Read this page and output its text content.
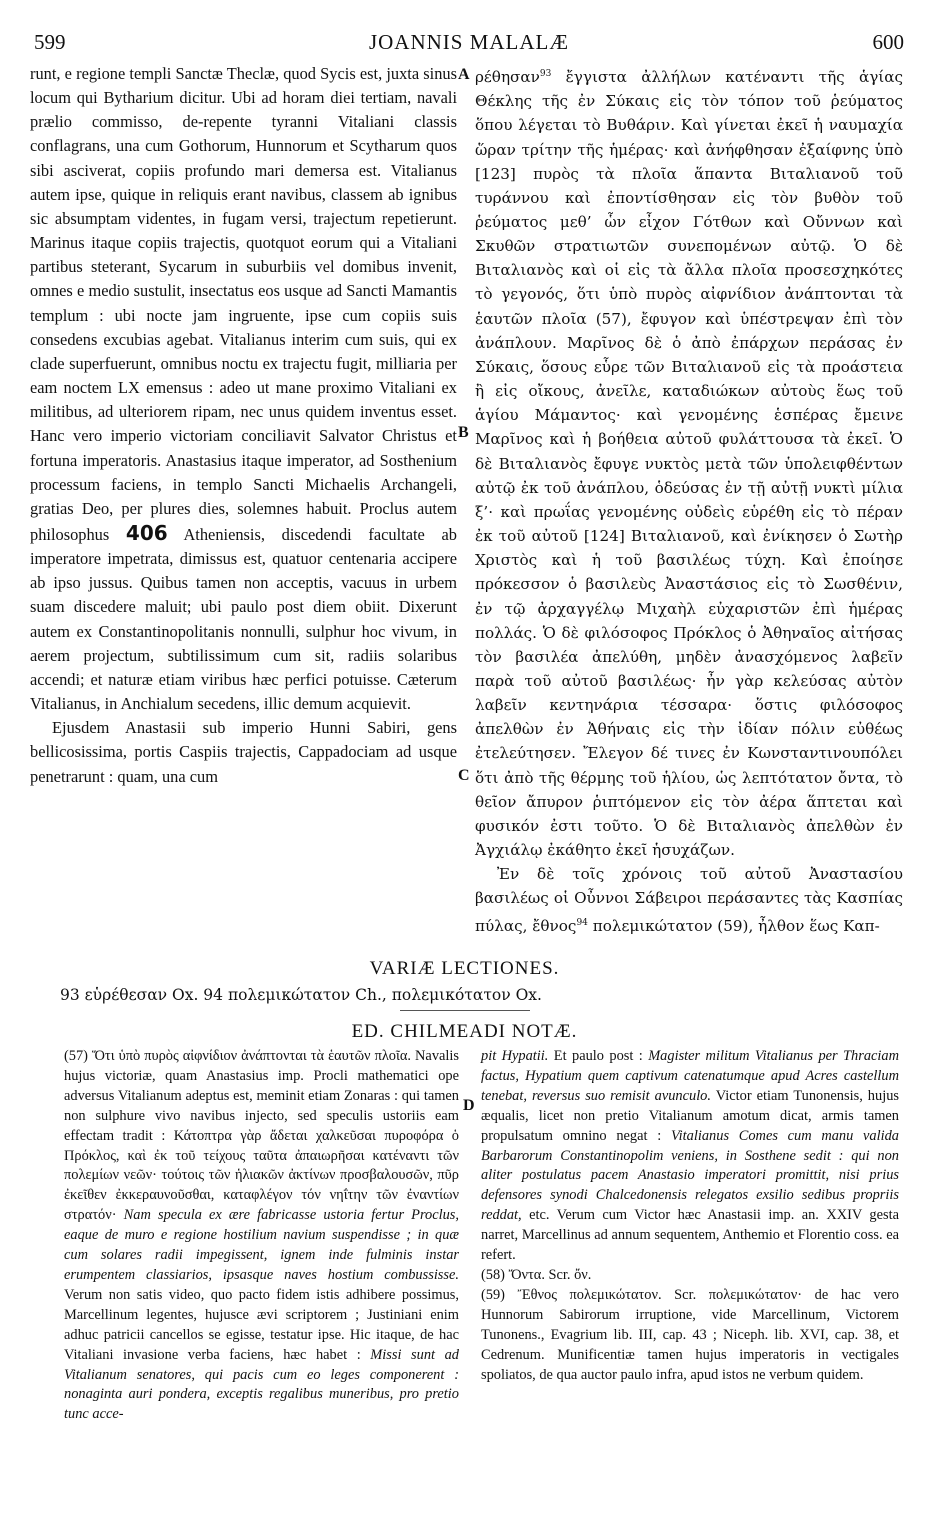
599	JOANNIS MALALÆ	600
A
B
C
D

runt, e regione templi Sanctæ Theclæ, quod Sycis est, juxta sinus locum qui Bytharium dicitur. Ubi ad horam diei tertiam, navali prælio commisso, de-repente tyranni Vitaliani classis conflagrans, una cum Gothorum, Hunnorum et Scytharum quos sibi asciverat, copiis profundo mari demersa est. Vitalianus autem ipse, quique in reliquis erant navibus, classem ab ignibus sic absumptam videntes, in fugam versi, trajectum repetierunt. Marinus itaque copiis trajectis, quotquot eorum qui a Vitaliani partibus steterant, Sycarum in suburbiis vel domibus invenit, omnes e medio sustulit, insectatus eos usque ad Sancti Mamantis templum : ubi nocte jam ingruente, ipse cum copiis suis consedens excubias agebat. Vitalianus interim cum suis, qui ex clade superfuerunt, omnibus noctu ex trajectu fugit, milliaria per eam noctem LX emensus : adeo ut mane proximo Vitaliani ex militibus, ad ulteriorem ripam, nec unus quidem inventus esset. Hanc vero imperio victoriam conciliavit Salvator Christus et fortuna imperatoris. Anastasius itaque imperator, ad Sosthenium processum faciens, in templo Sancti Michaelis Archangeli, gratias Deo, per plures dies, solemnes habuit. Proclus autem philosophus 406 Atheniensis, discedendi facultate ab imperatore impetrata, dimissus est, quatuor centenaria accipere ab ipso jussus. Quibus tamen non acceptis, vacuus in urbem suam discedere maluit; ubi paulo post diem obiit. Dixerunt autem ex Constantinopolitanis nonnulli, sulphur hoc vivum, in aerem projectum, subtilissimum cum sit, radiis solaribus accendi; et naturæ etiam viribus hæc perfici potuisse. Cæterum Vitalianus, in Anchialum secedens, illic demum acquievit.

Ejusdem Anastasii sub imperio Hunni Sabiri, gens bellicosissima, portis Caspiis trajectis, Cappadociam ad usque penetrarunt : quam, una cum

ρέθησαν$^{93}$ ἔγγιστα ἀλλήλων κατέναντι τῆς ἁγίας Θέκλης τῆς ἐν Σύκαις εἰς τὸν τόπον τοῦ ῥεύματος ὅπου λέγεται τὸ Βυθάριν. Καὶ γίνεται ἐκεῖ ἡ ναυμαχία ὥραν τρίτην τῆς ἡμέρας· καὶ ἀνήφθησαν ἐξαίφνης ὑπὸ [123] πυρὸς τὰ πλοῖα ἅπαντα Βιταλιανοῦ τοῦ τυράννου καὶ ἐποντίσθησαν εἰς τὸν βυθὸν τοῦ ῥεύματος μεθ’ ὧν εἶχον Γότθων καὶ Οὔννων καὶ Σκυθῶν στρατιωτῶν συνεπομένων αὐτῷ. Ὁ δὲ Βιταλιανὸς καὶ οἱ εἰς τὰ ἄλλα πλοῖα προσεσχηκότες τὸ γεγονός, ὅτι ὑπὸ πυρὸς αἰφνίδιον ἀνάπτονται τὰ ἑαυτῶν πλοῖα (57), ἔφυγον καὶ ὑπέστρεψαν ἐπὶ τὸν ἀνάπλουν. Μαρῖνος δὲ ὁ ἀπὸ ἐπάρχων περάσας ἐν Σύκαις, ὅσους εὗρε τῶν Βιταλιανοῦ εἰς τὰ προάστεια ἢ εἰς οἴκους, ἀνεῖλε, καταδιώκων αὐτοὺς ἕως τοῦ ἁγίου Μάμαντος· καὶ γενομένης ἑσπέρας ἔμεινε Μαρῖνος καὶ ἡ βοήθεια αὐτοῦ φυλάττουσα τὰ ἐκεῖ. Ὁ δὲ Βιταλιανὸς ἔφυγε νυκτὸς μετὰ τῶν ὑπολειφθέντων αὐτῷ ἐκ τοῦ ἀνάπλου, ὁδεύσας ἐν τῇ αὐτῇ νυκτὶ μίλια ξ’· καὶ πρωΐας γενομένης οὐδεὶς εὑρέθη εἰς τὸ πέραν ἐκ τοῦ αὐτοῦ [124] Βιταλιανοῦ, καὶ ἐνίκησεν ὁ Σωτὴρ Χριστὸς καὶ ἡ τοῦ βασιλέως τύχη. Καὶ ἐποίησε πρόκεσσον ὁ βασιλεὺς Ἀναστάσιος εἰς τὸ Σωσθένιν, ἐν τῷ ἀρχαγγέλῳ Μιχαὴλ εὐχαριστῶν ἐπὶ ἡμέρας πολλάς. Ὁ δὲ φιλόσοφος Πρόκλος ὁ Ἀθηναῖος αἰτήσας τὸν βασιλέα ἀπελύθη, μηδὲν ἀνασχόμενος λαβεῖν παρὰ τοῦ αὐτοῦ βασιλέως· ἦν γὰρ κελεύσας αὐτὸν λαβεῖν κεντηνάρια τέσσαρα· ὅστις φιλόσοφος ἀπελθὼν ἐν Ἀθήναις εἰς τὴν ἰδίαν πόλιν εὐθέως ἐτελεύτησεν. Ἔλεγον δέ τινες ἐν Κωνσταντινουπόλει ὅτι ἀπὸ τῆς θέρμης τοῦ ἡλίου, ὡς λεπτότατον ὄντα, τὸ θεῖον ἄπυρον ῥιπτόμενον εἰς τὸν ἀέρα ἅπτεται καὶ φυσικόν ἐστι τοῦτο. Ὁ δὲ Βιταλιανὸς ἀπελθὼν ἐν Ἀγχιάλῳ ἐκάθητο ἐκεῖ ἡσυχάζων.

Ἐν δὲ τοῖς χρόνοις τοῦ αὐτοῦ Ἀναστασίου βασιλέως οἱ Οὖννοι Σάβειροι περάσαντες τὰς Κασπίας πύλας, ἔθνος$^{94}$ πολεμικώτατον (59), ἦλθον ἕως Καπ-

VARIÆ LECTIONES.
93 εὑρέθεσαν Ox. 94 πολεμικώτατον Ch., πολεμικότατον Ox.
ED. CHILMEADI NOTÆ.

(57) Ὅτι ὑπὸ πυρὸς αἰφνίδιον ἀνάπτονται τὰ ἑαυτῶν πλοῖα. Navalis hujus victoriæ, quam Anastasius imp. Procli mathematici ope adversus Vitalianum adeptus est, meminit etiam Zonaras : qui tamen non sulphure vivo navibus injecto, sed speculis ustoriis eam effectam tradit : Κάτοπτρα γὰρ ἄδεται χαλκεῦσαι πυροφόρα ὁ Πρόκλος, καὶ ἐκ τοῦ τείχους ταῦτα ἀπαιωρῆσαι κατέναντι τῶν πολεμίων νεῶν· τούτοις τῶν ἡλιακῶν ἀκτίνων προσβαλουσῶν, πῦρ ἐκεῖθεν ἐκκεραυνοῦσθαι, καταφλέγον τόν νηΐτην τῶν ἐναντίων στρατόν· Nam specula ex ære fabricasse ustoria fertur Proclus, eaque de muro e regione hostilium navium suspendisse ; in quæ cum solares radii impegissent, ignem inde fulminis instar erumpentem classiarios, ipsasque naves hostium combussisse. Verum non satis video, quo pacto fidem istis adhibere possimus, Marcellinum legentes, hujusce ævi scriptorem ; Justiniani enim adhuc patricii cancellos se egisse, testatur ipse. Hic itaque, de hac Vitaliani invasione verba faciens, hæc habet : Missi sunt ad Vitalianum senatores, qui pacis cum eo leges componerent : nonaginta auri pondera, exceptis regalibus muneribus, pro pretio tunc acce-

pit Hypatii. Et paulo post : Magister militum Vitalianus per Thraciam factus, Hypatium quem captivum catenatumque apud Acres castellum tenebat, reversus suo remisit avunculo. Victor etiam Tunonensis, hujus æqualis, licet non pretio Vitalianum amotum dicat, armis tamen propulsatum omnino negat : Vitalianus Comes cum manu valida Barbarorum Constantinopolim veniens, in Sosthene sedit : qui non aliter postulatus pacem Anastasio imperatori promittit, nisi prius defensores synodi Chalcedonensis relegatos exsilio sedibus propriis reddat, etc. Verum cum Victor hæc Anastasii imp. an. XXIV gesta narret, Marcellinus ad annum sequentem, Anthemio et Florentio coss. ea refert.

(58) Ὄντα. Scr. ὄν.

(59) Ἔθνος πολεμικώτατον. Scr. πολεμικώτατον· de hac vero Hunnorum Sabirorum irruptione, vide Marcellinum, Victorem Tunonens., Evagrium lib. III, cap. 43 ; Niceph. lib. XVI, cap. 38, et Cedrenum. Munificentiæ tamen hujus imperatoris in vectigales spoliatos, de qua auctor paulo infra, apud istos ne verbum quidem.
